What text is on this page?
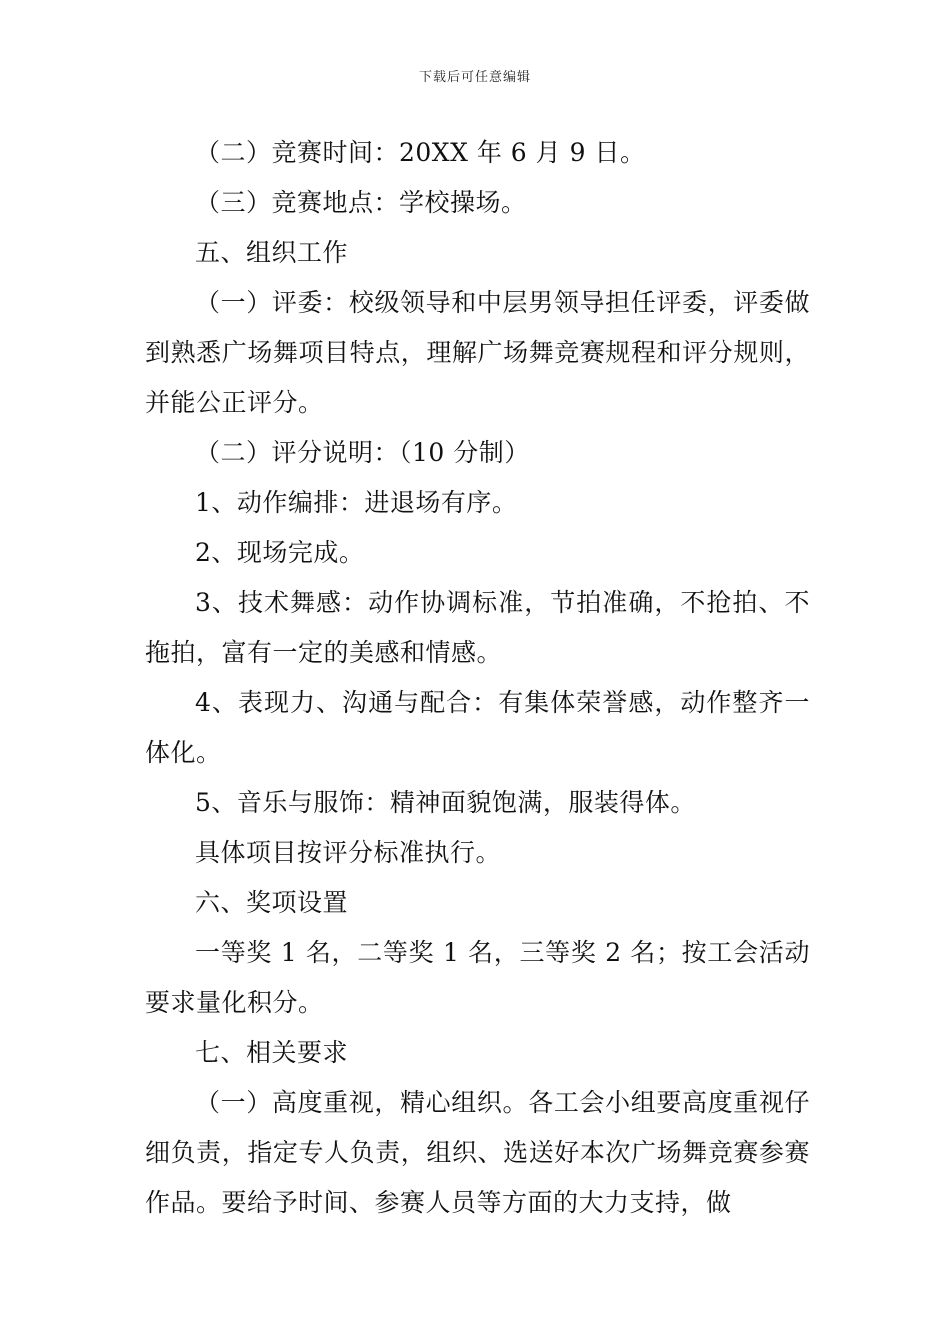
下载后可任意编辑

（二）竞赛时间：20XX 年 6 月 9 日。

（三）竞赛地点：学校操场。

五、组织工作

（一）评委：校级领导和中层男领导担任评委，评委做到熟悉广场舞项目特点，理解广场舞竞赛规程和评分规则，并能公正评分。

（二）评分说明：（10 分制）

1、动作编排：进退场有序。

2、现场完成。

3、技术舞感：动作协调标准，节拍准确，不抢拍、不拖拍，富有一定的美感和情感。

4、表现力、沟通与配合：有集体荣誉感，动作整齐一体化。

5、音乐与服饰：精神面貌饱满，服装得体。

具体项目按评分标准执行。

六、奖项设置

一等奖 1 名，二等奖 1 名，三等奖 2 名；按工会活动要求量化积分。

七、相关要求

（一）高度重视，精心组织。各工会小组要高度重视仔细负责，指定专人负责，组织、选送好本次广场舞竞赛参赛作品。要给予时间、参赛人员等方面的大力支持，做
